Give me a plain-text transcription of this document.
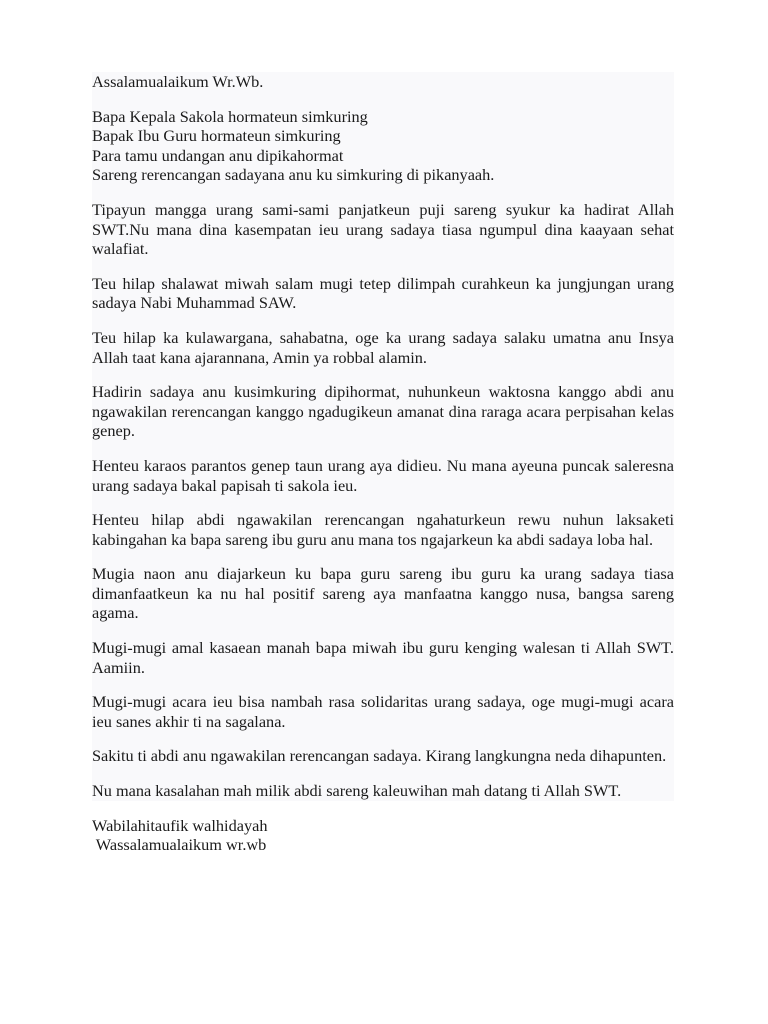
Assalamualaikum Wr.Wb.

Bapa Kepala Sakola hormateun simkuring
Bapak Ibu Guru hormateun simkuring
Para tamu undangan anu dipikahormat
Sareng rerencangan sadayana anu ku simkuring di pikanyaah.

Tipayun mangga urang sami-sami panjatkeun puji sareng syukur ka hadirat Allah SWT.Nu mana dina kasempatan ieu urang sadaya tiasa ngumpul dina kaayaan sehat walafiat.

Teu hilap shalawat miwah salam mugi tetep dilimpah curahkeun ka jungjungan urang sadaya Nabi Muhammad SAW.

Teu hilap ka kulawargana, sahabatna, oge ka urang sadaya salaku umatna anu Insya Allah taat kana ajarannana, Amin ya robbal alamin.

Hadirin sadaya anu kusimkuring dipihormat, nuhunkeun waktosna kanggo abdi anu ngawakilan rerencangan kanggo ngadugikeun amanat dina raraga acara perpisahan kelas genep.

Henteu karaos parantos genep taun urang aya didieu. Nu mana ayeuna puncak saleresna urang sadaya bakal papisah ti sakola ieu.

Henteu hilap abdi ngawakilan rerencangan ngahaturkeun rewu nuhun laksaketi kabingahan ka bapa sareng ibu guru anu mana tos ngajarkeun ka abdi sadaya loba hal.

Mugia naon anu diajarkeun ku bapa guru sareng ibu guru ka urang sadaya tiasa dimanfaatkeun ka nu hal positif sareng aya manfaatna kanggo nusa, bangsa sareng agama.

Mugi-mugi amal kasaean manah bapa miwah ibu guru kenging walesan ti Allah SWT. Aamiin.

Mugi-mugi acara ieu bisa nambah rasa solidaritas urang sadaya, oge mugi-mugi acara ieu sanes akhir ti na sagalana.

Sakitu ti abdi anu ngawakilan rerencangan sadaya. Kirang langkungna neda dihapunten.

Nu mana kasalahan mah milik abdi sareng kaleuwihan mah datang ti Allah SWT.

Wabilahitaufik walhidayah
Wassalamualaikum wr.wb
